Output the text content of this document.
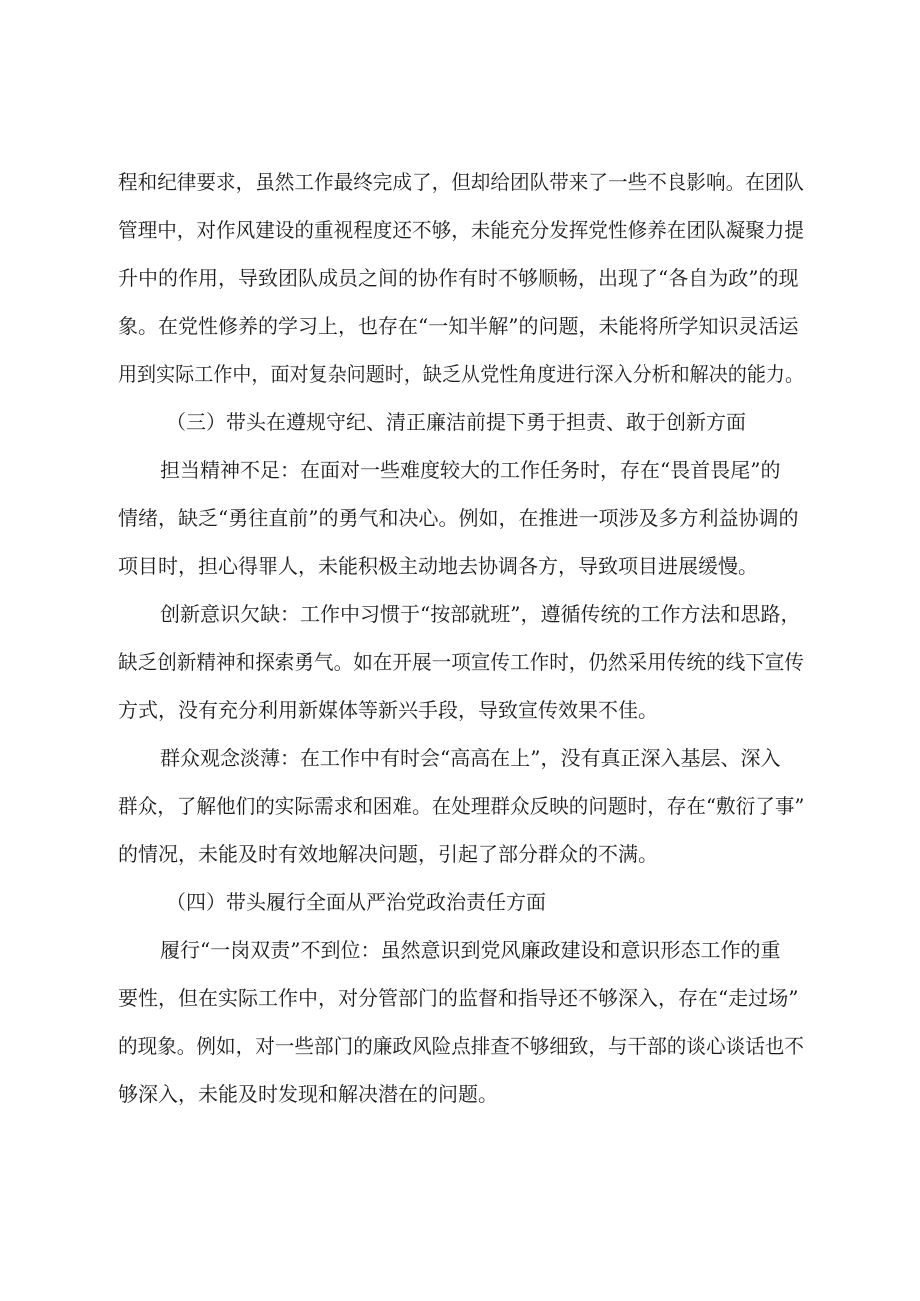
程和纪律要求，虽然工作最终完成了，但却给团队带来了一些不良影响。在团队
管理中，对作风建设的重视程度还不够，未能充分发挥党性修养在团队凝聚力提
升中的作用，导致团队成员之间的协作有时不够顺畅，出现了“各自为政”的现
象。在党性修养的学习上，也存在“一知半解”的问题，未能将所学知识灵活运
用到实际工作中，面对复杂问题时，缺乏从党性角度进行深入分析和解决的能力。
（三）带头在遵规守纪、清正廉洁前提下勇于担责、敢于创新方面
担当精神不足：在面对一些难度较大的工作任务时，存在“畏首畏尾”的
情绪，缺乏“勇往直前”的勇气和决心。例如，在推进一项涉及多方利益协调的
项目时，担心得罪人，未能积极主动地去协调各方，导致项目进展缓慢。
创新意识欠缺：工作中习惯于“按部就班”，遵循传统的工作方法和思路，
缺乏创新精神和探索勇气。如在开展一项宣传工作时，仍然采用传统的线下宣传
方式，没有充分利用新媒体等新兴手段，导致宣传效果不佳。
群众观念淡薄：在工作中有时会“高高在上”，没有真正深入基层、深入
群众，了解他们的实际需求和困难。在处理群众反映的问题时，存在“敷衍了事”
的情况，未能及时有效地解决问题，引起了部分群众的不满。
（四）带头履行全面从严治党政治责任方面
履行“一岗双责”不到位：虽然意识到党风廉政建设和意识形态工作的重
要性，但在实际工作中，对分管部门的监督和指导还不够深入，存在“走过场”
的现象。例如，对一些部门的廉政风险点排查不够细致，与干部的谈心谈话也不
够深入，未能及时发现和解决潜在的问题。
